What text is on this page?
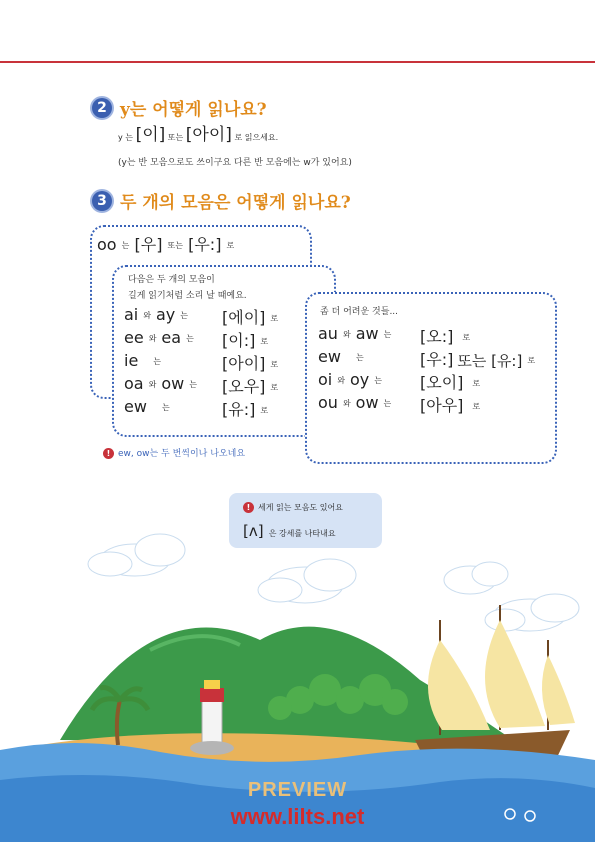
2 y는 어떻게 읽나요?
y 는 [이] 또는 [아이] 로 읽으세요.
(y는 반 모음으로도 쓰이구요 다른 반 모음에는 w가 있어요)
3 두 개의 모음은 어떻게 읽나요?
oo 는 [우] 또는 [우:] 로
다음은 두 개의 모음이
길게 읽기처럼 소리 날 때예요.
ai 와 ay 는	[에이] 로
ee 와 ea 는	[이:] 로
ie 는	[아이] 로
oa 와 ow 는	[오우] 로
ew 는	[유:] 로
좀 더 어려운 것들...
au 와 aw 는	[오:] 로
ew 는	[우:] 또는 [유:] 로
oi 와 oy 는	[오이] 로
ou 와 ow 는	[아우] 로
! ew, ow는 두 번씩이나 나오네요
! 세게 읽는 모음도 있어요
[ʌ] 은 강세를 나타내요
PREVIEW
www.lilts.net
